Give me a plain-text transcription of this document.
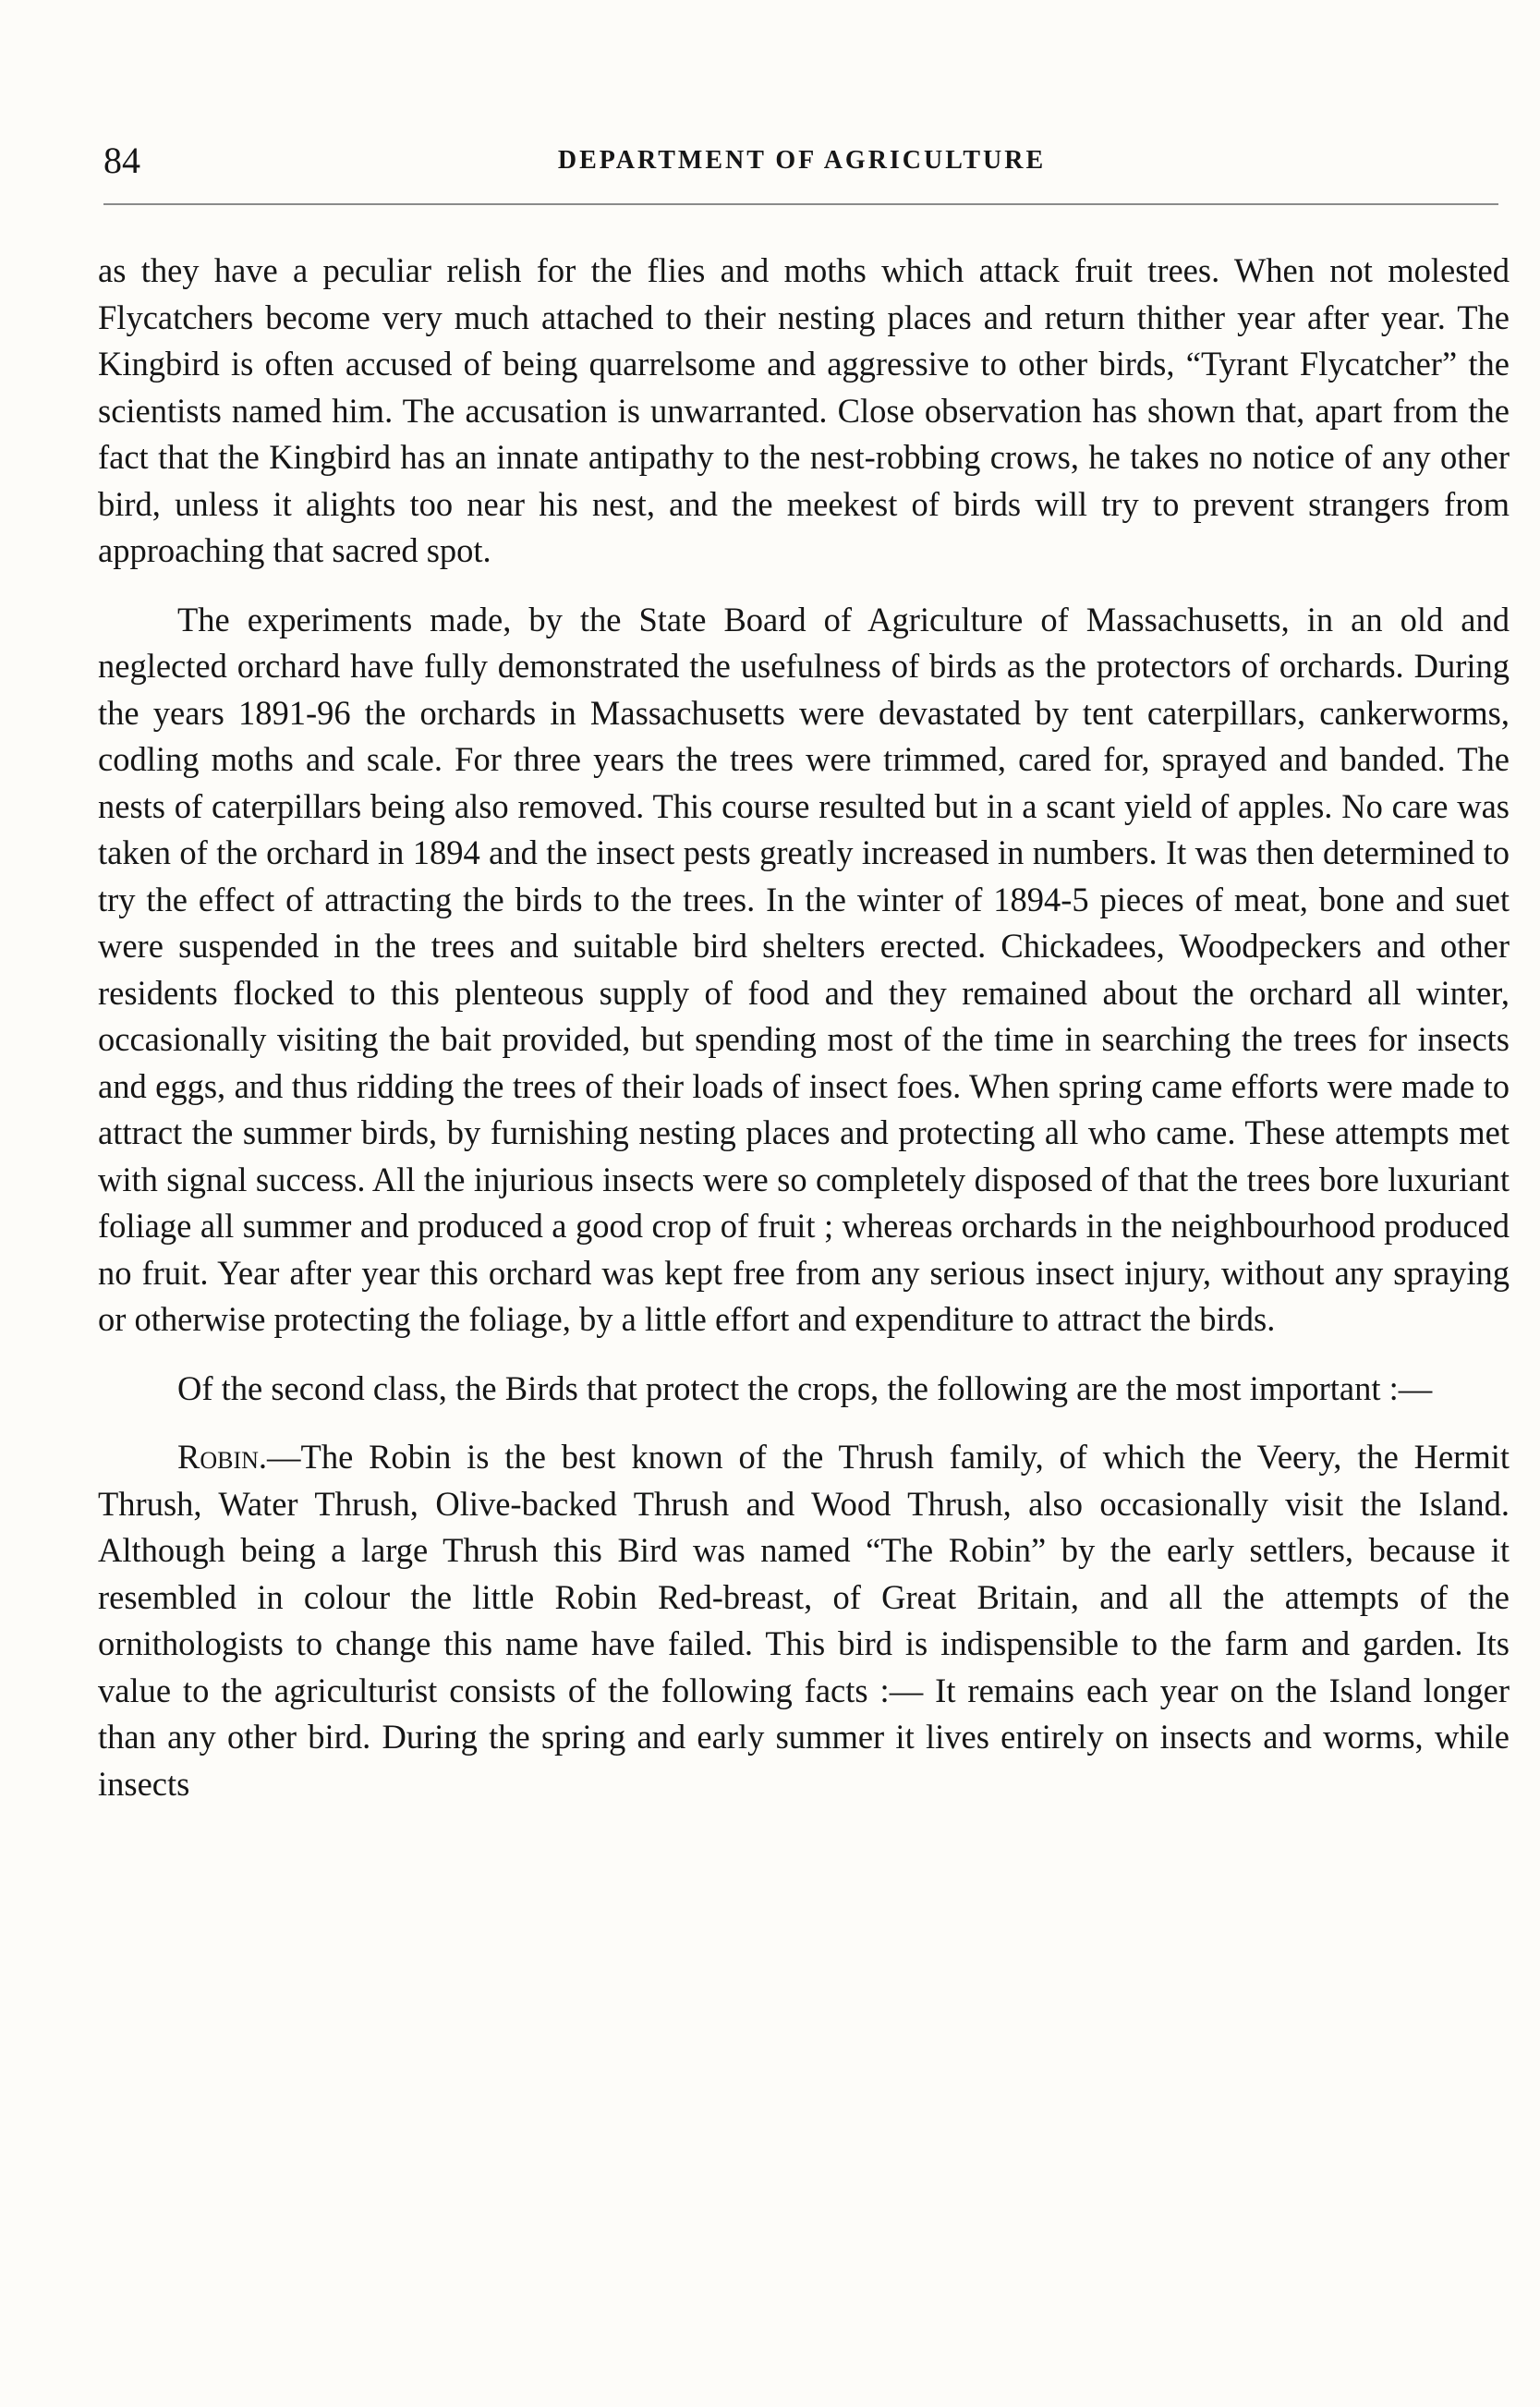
84	DEPARTMENT OF AGRICULTURE

as they have a peculiar relish for the flies and moths which attack fruit trees. When not molested Flycatchers become very much attached to their nesting places and return thither year after year. The Kingbird is often accused of being quarrelsome and aggressive to other birds, “Tyrant Flycatcher” the scientists named him. The accusation is unwarranted. Close observation has shown that, apart from the fact that the Kingbird has an innate antipathy to the nest-robbing crows, he takes no notice of any other bird, unless it alights too near his nest, and the meekest of birds will try to prevent strangers from approaching that sacred spot.

The experiments made, by the State Board of Agriculture of Massachusetts, in an old and neglected orchard have fully demonstrated the usefulness of birds as the protectors of orchards. During the years 1891-96 the orchards in Massachusetts were devastated by tent caterpillars, cankerworms, codling moths and scale. For three years the trees were trimmed, cared for, sprayed and banded. The nests of caterpillars being also removed. This course resulted but in a scant yield of apples. No care was taken of the orchard in 1894 and the insect pests greatly increased in numbers. It was then determined to try the effect of attracting the birds to the trees. In the winter of 1894-5 pieces of meat, bone and suet were suspended in the trees and suitable bird shelters erected. Chickadees, Woodpeckers and other residents flocked to this plenteous supply of food and they remained about the orchard all winter, occasionally visiting the bait provided, but spending most of the time in searching the trees for insects and eggs, and thus ridding the trees of their loads of insect foes. When spring came efforts were made to attract the summer birds, by furnishing nesting places and protecting all who came. These attempts met with signal success. All the injurious insects were so completely disposed of that the trees bore luxuriant foliage all summer and produced a good crop of fruit ; whereas orchards in the neighbourhood produced no fruit. Year after year this orchard was kept free from any serious insect injury, without any spraying or otherwise protecting the foliage, by a little effort and expenditure to attract the birds.

Of the second class, the Birds that protect the crops, the following are the most important :—

Robin.—The Robin is the best known of the Thrush family, of which the Veery, the Hermit Thrush, Water Thrush, Olive-backed Thrush and Wood Thrush, also occasionally visit the Island. Although being a large Thrush this Bird was named “The Robin” by the early settlers, because it resembled in colour the little Robin Red-breast, of Great Britain, and all the attempts of the ornithologists to change this name have failed. This bird is indispensible to the farm and garden. Its value to the agriculturist consists of the following facts :— It remains each year on the Island longer than any other bird. During the spring and early summer it lives entirely on insects and worms, while insects
